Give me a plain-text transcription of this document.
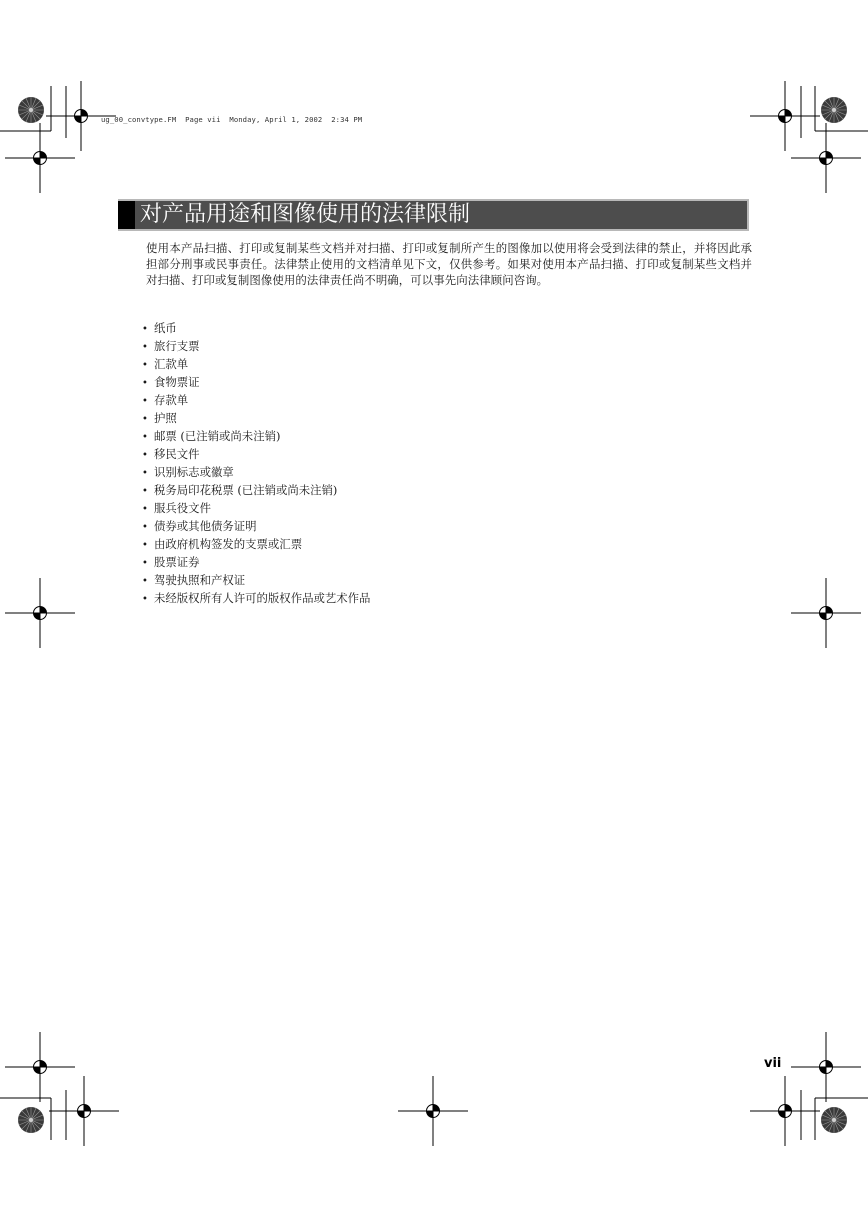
ug_00_convtype.FM  Page vii  Monday, April 1, 2002  2:34 PM
对产品用途和图像使用的法律限制
使用本产品扫描、打印或复制某些文档并对扫描、打印或复制所产生的图像加以使用将会受到法律的禁止，并将因此承担部分刑事或民事责任。法律禁止使用的文档清单见下文，仅供参考。如果对使用本产品扫描、打印或复制某些文档并对扫描、打印或复制图像使用的法律责任尚不明确，可以事先向法律顾问咨询。
• 纸币
• 旅行支票
• 汇款单
• 食物票证
• 存款单
• 护照
• 邮票 (已注销或尚未注销)
• 移民文件
• 识别标志或徽章
• 税务局印花税票 (已注销或尚未注销)
• 服兵役文件
• 债券或其他债务证明
• 由政府机构签发的支票或汇票
• 股票证券
• 驾驶执照和产权证
• 未经版权所有人许可的版权作品或艺术作品
vii
